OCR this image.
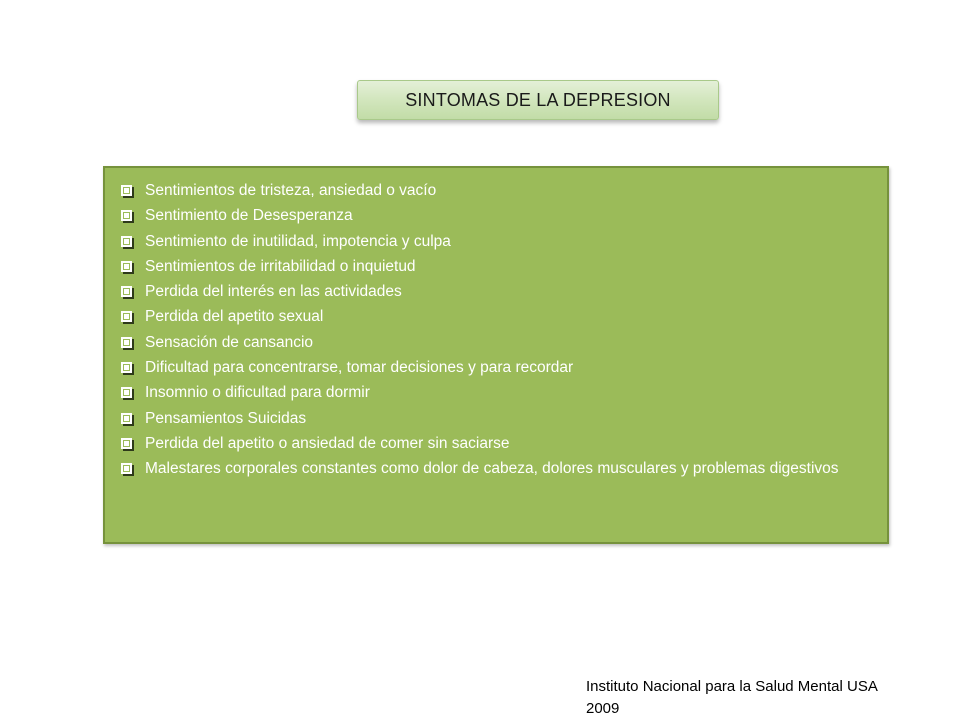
SINTOMAS DE LA DEPRESION
Sentimientos de tristeza, ansiedad o vacío
Sentimiento de Desesperanza
Sentimiento de inutilidad, impotencia y culpa
Sentimientos de irritabilidad o inquietud
Perdida del interés en las actividades
Perdida del apetito sexual
Sensación de cansancio
Dificultad para concentrarse, tomar decisiones y para recordar
Insomnio o dificultad para dormir
Pensamientos Suicidas
Perdida del apetito o ansiedad de comer sin saciarse
Malestares corporales constantes como dolor de cabeza, dolores musculares y problemas digestivos
Instituto Nacional para la Salud Mental USA
2009
